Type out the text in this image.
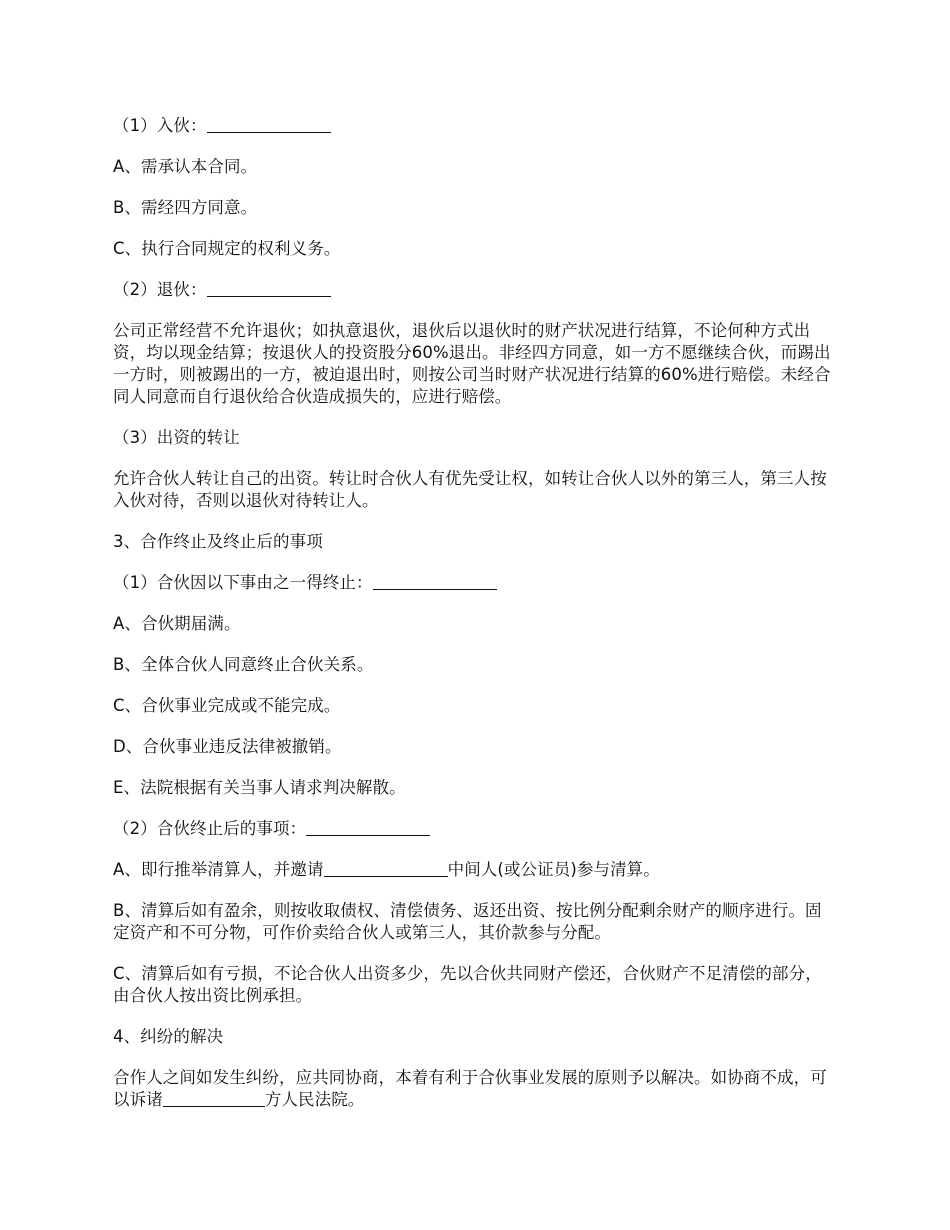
（1）入伙：

A、需承认本合同。

B、需经四方同意。

C、执行合同规定的权利义务。

（2）退伙：

公司正常经营不允许退伙；如执意退伙，退伙后以退伙时的财产状况进行结算，不论何种方式出资，均以现金结算；按退伙人的投资股分60%退出。非经四方同意，如一方不愿继续合伙，而踢出一方时，则被踢出的一方，被迫退出时，则按公司当时财产状况进行结算的60%进行赔偿。未经合同人同意而自行退伙给合伙造成损失的，应进行赔偿。

（3）出资的转让

允许合伙人转让自己的出资。转让时合伙人有优先受让权，如转让合伙人以外的第三人，第三人按入伙对待，否则以退伙对待转让人。

3、合作终止及终止后的事项

（1）合伙因以下事由之一得终止：

A、合伙期届满。

B、全体合伙人同意终止合伙关系。

C、合伙事业完成或不能完成。

D、合伙事业违反法律被撤销。

E、法院根据有关当事人请求判决解散。

（2）合伙终止后的事项：

A、即行推举清算人，并邀请	中间人(或公证员)参与清算。

B、清算后如有盈余，则按收取债权、清偿债务、返还出资、按比例分配剩余财产的顺序进行。固定资产和不可分物，可作价卖给合伙人或第三人，其价款参与分配。

C、清算后如有亏损，不论合伙人出资多少，先以合伙共同财产偿还，合伙财产不足清偿的部分，由合伙人按出资比例承担。

4、纠纷的解决

合作人之间如发生纠纷，应共同协商，本着有利于合伙事业发展的原则予以解决。如协商不成，可以诉诸	方人民法院。
